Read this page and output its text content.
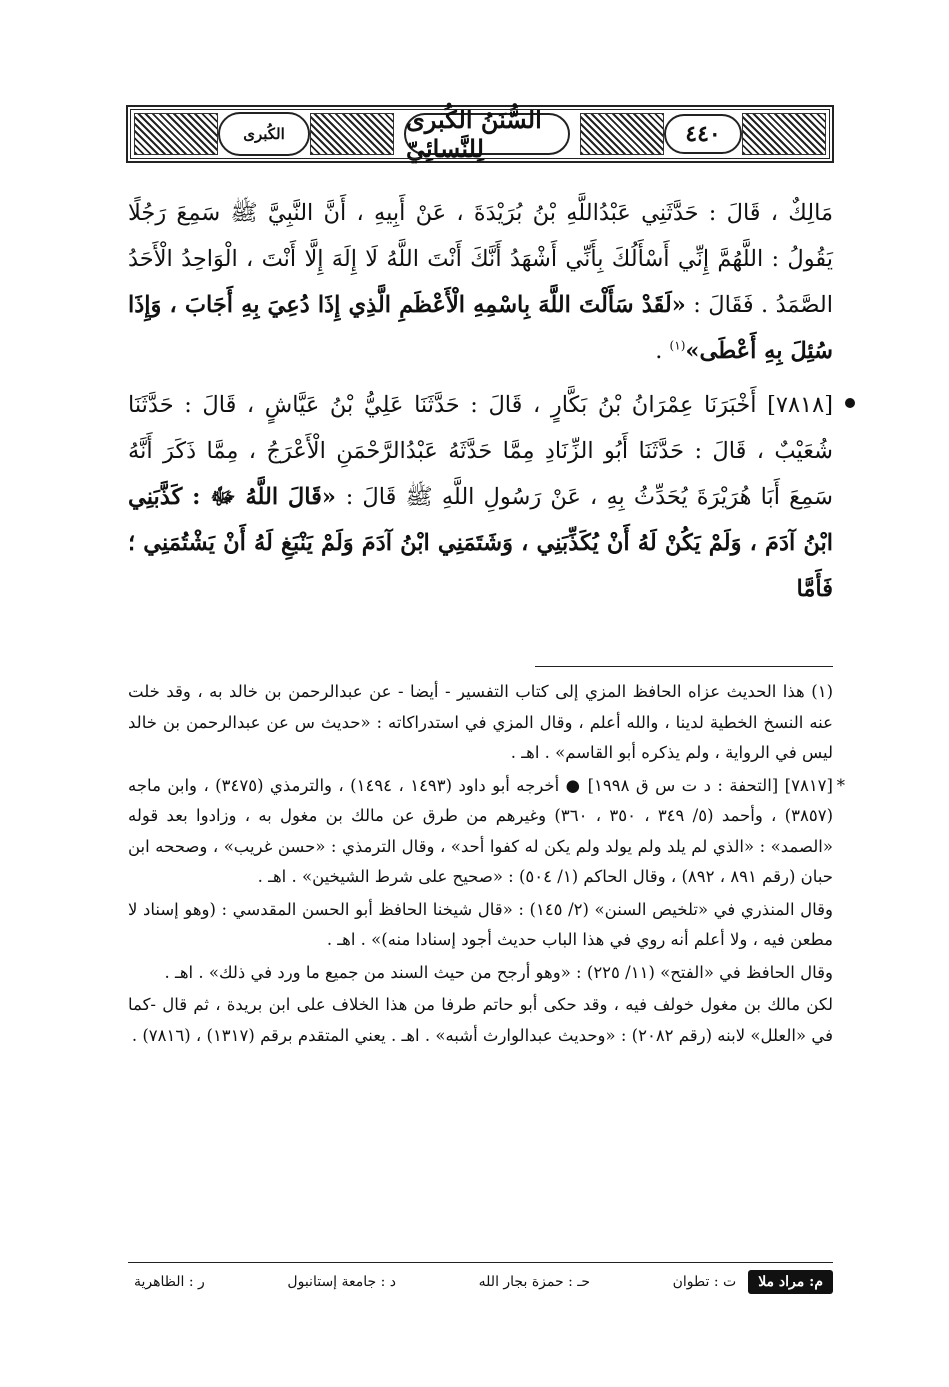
الكُبرى	السُّنَنُ الكُبرى لِلنَّسائِيّ	٤٤٠

مَالِكٌ ، قَالَ : حَدَّثَنِي عَبْدُاللَّهِ بْنُ بُرَيْدَةَ ، عَنْ أَبِيهِ ، أَنَّ النَّبِيَّ ﷺ سَمِعَ رَجُلًا يَقُولُ : اللَّهُمَّ إِنِّي أَسْأَلُكَ بِأَنِّي أَشْهَدُ أَنَّكَ أَنْتَ اللَّهُ لَا إِلَهَ إِلَّا أَنْتَ ، الْوَاحِدُ الْأَحَدُ الصَّمَدُ . فَقَالَ : «لَقَدْ سَأَلْتَ اللَّهَ بِاسْمِهِ الْأَعْظَمِ الَّذِي إِذَا دُعِيَ بِهِ أَجَابَ ، وَإِذَا سُئِلَ بِهِ أَعْطَى»$^{(١)}$ .

[٧٨١٨] أَخْبَرَنَا عِمْرَانُ بْنُ بَكَّارٍ ، قَالَ : حَدَّثَنَا عَلِيُّ بْنُ عَيَّاشٍ ، قَالَ : حَدَّثَنَا شُعَيْبٌ ، قَالَ : حَدَّثَنَا أَبُو الزِّنَادِ مِمَّا حَدَّثَهُ عَبْدُالرَّحْمَنِ الْأَعْرَجُ ، مِمَّا ذَكَرَ أَنَّهُ سَمِعَ أَبَا هُرَيْرَةَ يُحَدِّثُ بِهِ ، عَنْ رَسُولِ اللَّهِ ﷺ قَالَ : «قَالَ اللَّهُ ﷻ : كَذَّبَنِي ابْنُ آدَمَ ، وَلَمْ يَكُنْ لَهُ أَنْ يُكَذِّبَنِي ، وَشَتَمَنِي ابْنُ آدَمَ وَلَمْ يَنْبَغِ لَهُ أَنْ يَشْتُمَنِي ؛ فَأَمَّا

(١) هذا الحديث عزاه الحافظ المزي إلى كتاب التفسير - أيضا - عن عبدالرحمن بن خالد به ، وقد خلت عنه النسخ الخطية لدينا ، والله أعلم ، وقال المزي في استدراكاته : «حديث س عن عبدالرحمن بن خالد ليس في الرواية ، ولم يذكره أبو القاسم» . اهـ .

*
[٧٨١٧] [التحفة : د ت س ق ١٩٩٨] ● أخرجه أبو داود (١٤٩٣ ، ١٤٩٤) ، والترمذي (٣٤٧٥) ، وابن ماجه (٣٨٥٧) ، وأحمد (٥/ ٣٤٩ ، ٣٥٠ ، ٣٦٠) وغيرهم من طرق عن مالك بن مغول به ، وزادوا بعد قوله «الصمد» : «الذي لم يلد ولم يولد ولم يكن له كفوا أحد» ، وقال الترمذي : «حسن غريب» ، وصححه ابن حبان (رقم ٨٩١ ، ٨٩٢) ، وقال الحاكم (١/ ٥٠٤) : «صحيح على شرط الشيخين» . اهـ .

وقال المنذري في «تلخيص السنن» (٢/ ١٤٥) : «قال شيخنا الحافظ أبو الحسن المقدسي : (وهو إسناد لا مطعن فيه ، ولا أعلم أنه روي في هذا الباب حديث أجود إسنادا منه)» . اهـ .

وقال الحافظ في «الفتح» (١١/ ٢٢٥) : «وهو أرجح من حيث السند من جميع ما ورد في ذلك» . اهـ .

لكن مالك بن مغول خولف فيه ، وقد حكى أبو حاتم طرفا من هذا الخلاف على ابن بريدة ، ثم قال -كما في «العلل» لابنه (رقم ٢٠٨٢) : «وحديث عبدالوارث أشبه» . اهـ . يعني المتقدم برقم (١٣١٧) ، (٧٨١٦) .

م: مراد ملا
ت : تطوان
حـ : حمزة بجار الله
د : جامعة إستانبول
ر : الظاهرية
